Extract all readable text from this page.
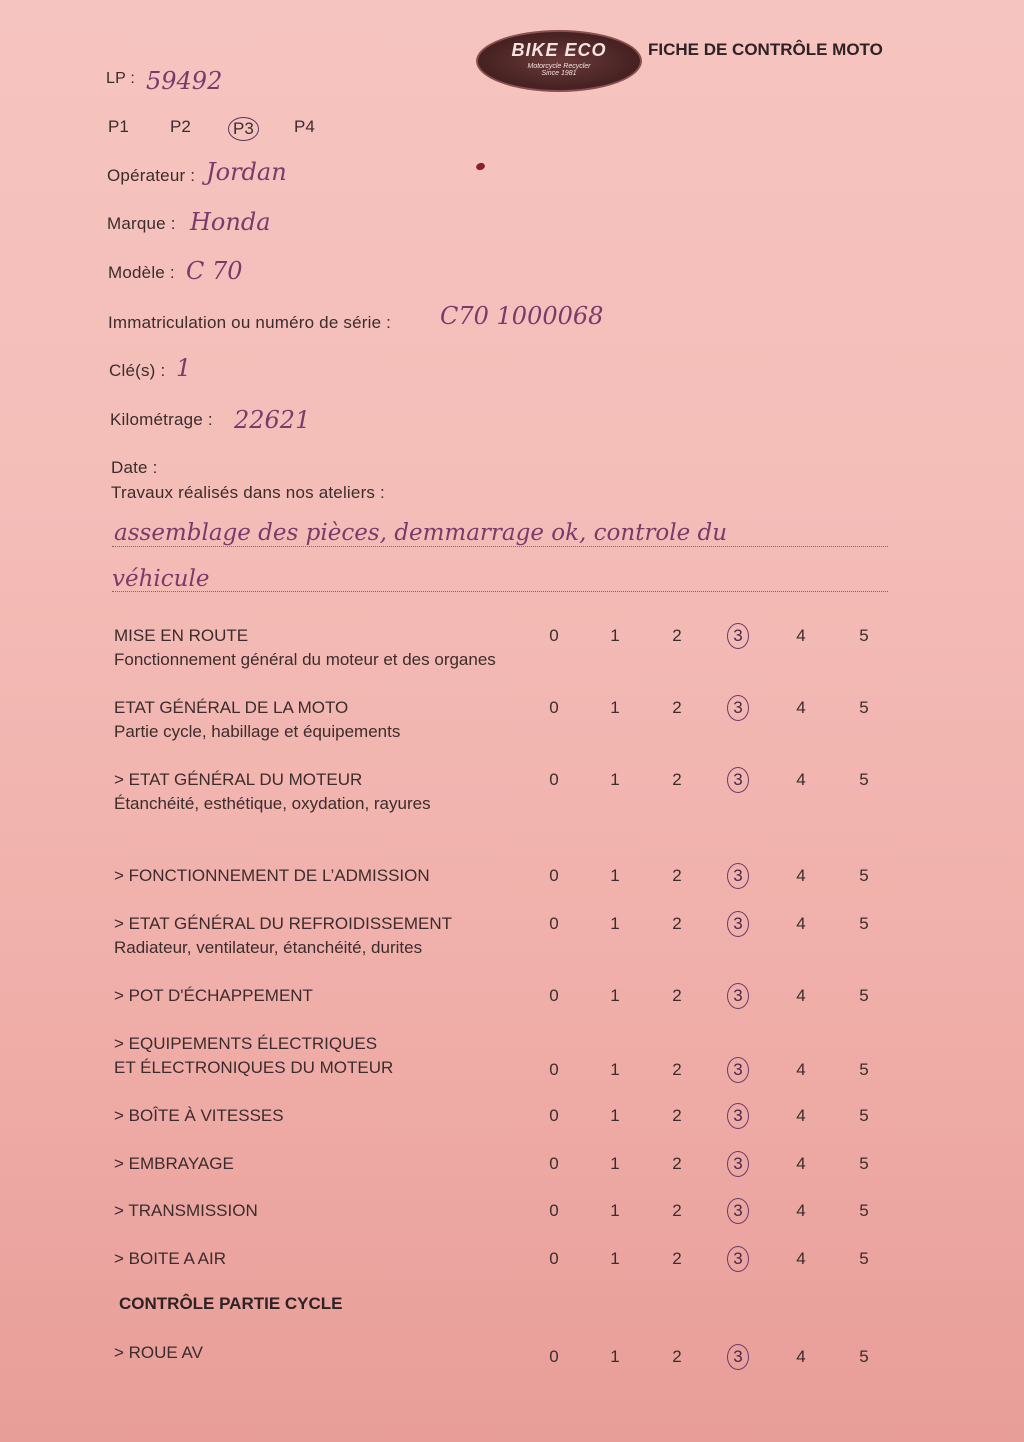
BIKE ECO
Motorcycle Recycler
Since 1981
FICHE DE CONTRÔLE MOTO
LP : 59492
P1 P2 P3 P4
Opérateur : Jordan
Marque : Honda
Modèle : C 70
Immatriculation ou numéro de série : C70 1000068
Clé(s) : 1
Kilométrage : 22621
Date :
Travaux réalisés dans nos ateliers :
assemblage des pièces, demmarrage ok, controle du
véhicule
MISE EN ROUTE
Fonctionnement général du moteur et des organes
0	1	2	3	4	5
ETAT GÉNÉRAL DE LA MOTO
Partie cycle, habillage et équipements
0	1	2	3	4	5
> ETAT GÉNÉRAL DU MOTEUR
Étanchéité, esthétique, oxydation, rayures
0	1	2	3	4	5
> FONCTIONNEMENT DE L’ADMISSION	0	1	2	3	4	5
> ETAT GÉNÉRAL DU REFROIDISSEMENT
Radiateur, ventilateur, étanchéité, durites
0	1	2	3	4	5
> POT D'ÉCHAPPEMENT	0	1	2	3	4	5
> EQUIPEMENTS ÉLECTRIQUES
ET ÉLECTRONIQUES DU MOTEUR	0	1	2	3	4	5
> BOÎTE À VITESSES	0	1	2	3	4	5
> EMBRAYAGE	0	1	2	3	4	5
> TRANSMISSION	0	1	2	3	4	5
> BOITE A AIR	0	1	2	3	4	5
> ROUE AV	0	1	2	3	4	5
CONTRÔLE PARTIE CYCLE
